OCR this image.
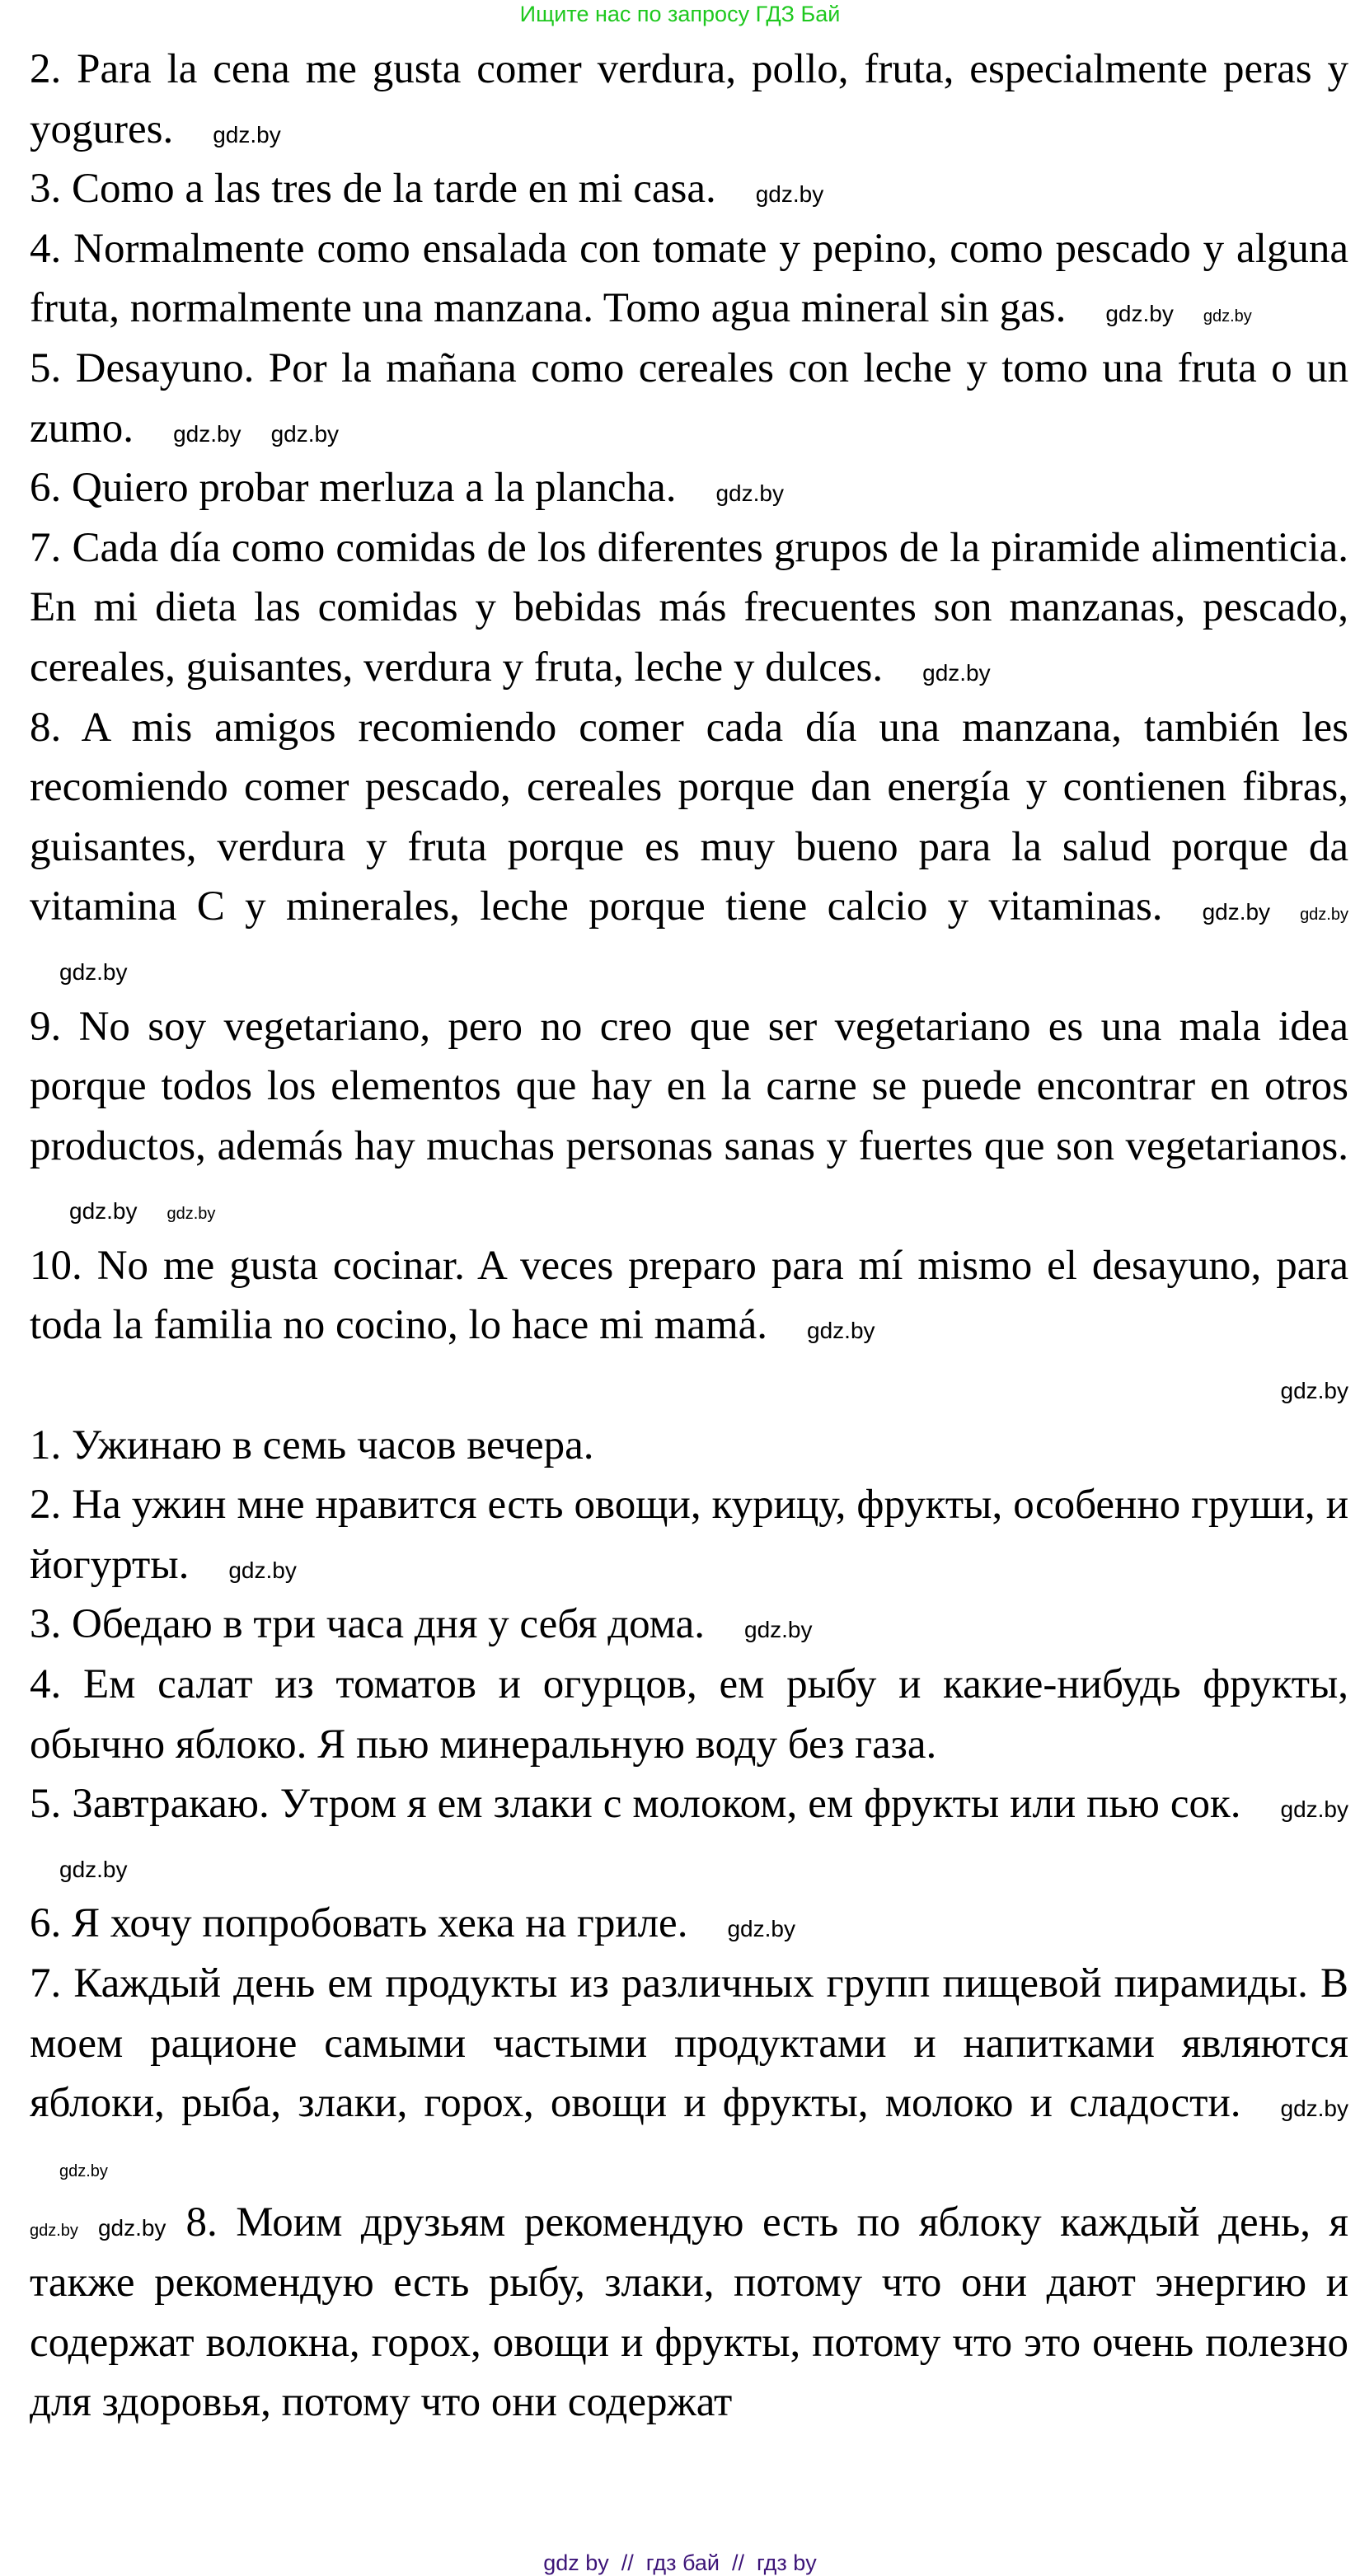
Ищите нас по запросу ГДЗ Бай

2. Para la cena me gusta comer verdura, pollo, fruta, especialmente peras y yogures. gdz.by

3. Como a las tres de la tarde en mi casa. gdz.by

4. Normalmente como ensalada con tomate y pepino, como pescado y alguna fruta, normalmente una manzana. Tomo agua mineral sin gas. gdz.by gdz.by

5. Desayuno. Por la mañana como cereales con leche y tomo una fruta o un zumo. gdz.by gdz.by

6. Quiero probar merluza a la plancha. gdz.by

7. Cada día como comidas de los diferentes grupos de la piramide alimenticia. En mi dieta las comidas y bebidas más frecuentes son manzanas, pescado, cereales, guisantes, verdura y fruta, leche y dulces. gdz.by

8. A mis amigos recomiendo comer cada día una manzana, también les recomiendo comer pescado, cereales porque dan energía y contienen fibras, guisantes, verdura y fruta porque es muy bueno para la salud porque da vitamina C y minerales, leche porque tiene calcio y vitaminas. gdz.by gdz.bygdz.by

9. No soy vegetariano, pero no creo que ser vegetariano es una mala idea porque todos los elementos que hay en la carne se puede encontrar en otros productos, además hay muchas personas sanas y fuertes que son vegetarianos.gdz.by gdz.by

10. No me gusta cocinar. A veces preparo para mí mismo el desayuno, para toda la familia no cocino, lo hace mi mamá. gdz.by

gdz.by

1. Ужинаю в семь часов вечера.

2. На ужин мне нравится есть овощи, курицу, фрукты, особенно груши, и йогурты. gdz.by

3. Обедаю в три часа дня у себя дома. gdz.by

4. Ем салат из томатов и огурцов, ем рыбу и какие-нибудь фрукты, обычно яблоко. Я пью минеральную воду без газа.

5. Завтракаю. Утром я ем злаки с молоком, ем фрукты или пью сок. gdz.bygdz.by

6. Я хочу попробовать хека на гриле. gdz.by

7. Каждый день ем продукты из различных групп пищевой пирамиды. В моем рационе самыми частыми продуктами и напитками являются яблоки, рыба, злаки, горох, овощи и фрукты, молоко и сладости. gdz.bygdz.by

gdz.by gdz.by 8. Моим друзьям рекомендую есть по яблоку каждый день, я также рекомендую есть рыбу, злаки, потому что они дают энергию и содержат волокна, горох, овощи и фрукты, потому что это очень полезно для здоровья, потому что они содержат

gdz by  //  гдз бай  //  гдз by
